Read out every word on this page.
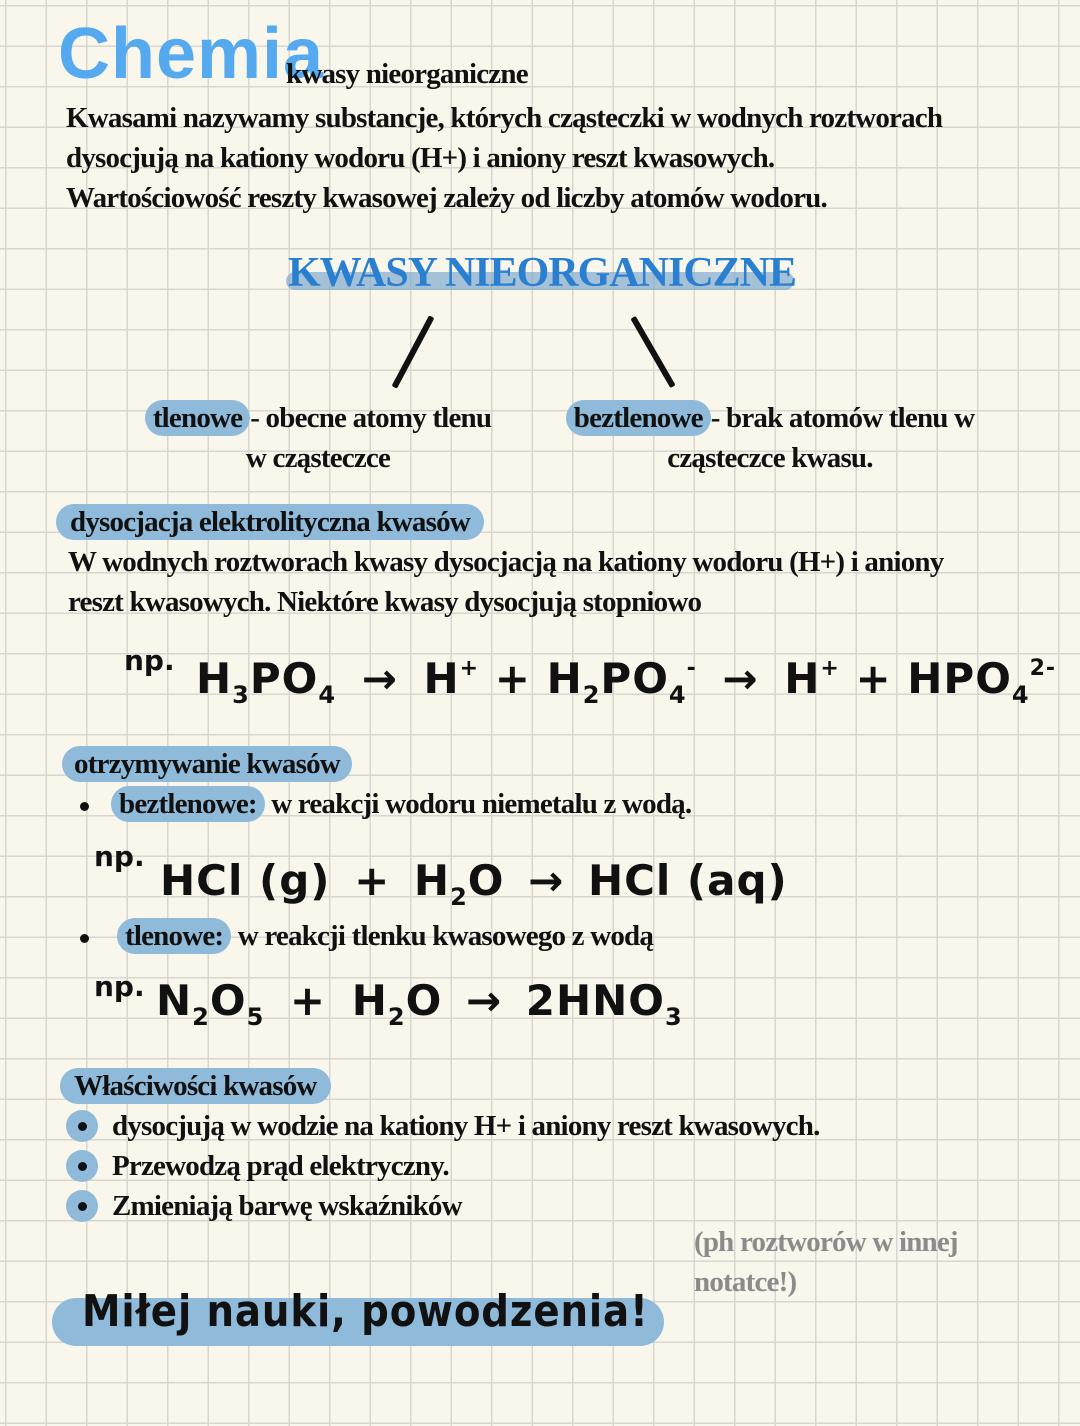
Chemia
kwasy nieorganiczne
Kwasami nazywamy substancje, których cząsteczki w wodnych roztworach
dysocjują na kationy wodoru (H+) i aniony reszt kwasowych.
Wartościowość reszty kwasowej zależy od liczby atomów wodoru.
KWASY NIEORGANICZNE
tlenowe - obecne atomy tlenu
w cząsteczce
beztlenowe - brak atomów tlenu w
cząsteczce kwasu.
dysocjacja elektrolityczna kwasów
W wodnych roztworach kwasy dysocjacją na kationy wodoru (H+) i aniony
reszt kwasowych. Niektóre kwasy dysocjują stopniowo
np. $H_3PO_4 \to H^+ + H_2PO_4^- \to H^+ + HPO_4^{2-}$
otrzymywanie kwasów
beztlenowe: w reakcji wodoru niemetalu z wodą.
np. HCl $(g) + H_2O$ → HCl (aq)
tlenowe: w reakcji tlenku kwasowego z wodą
np. $N_2O_5 + H_2O \to 2HNO_3$
Właściwości kwasów
dysocjują w wodzie na kationy H+ i aniony reszt kwasowych.
Przewodzą prąd elektryczny.
Zmieniają barwę wskaźników
(ph roztworów w innej
notatce!)
Miłej nauki, powodzenia!
